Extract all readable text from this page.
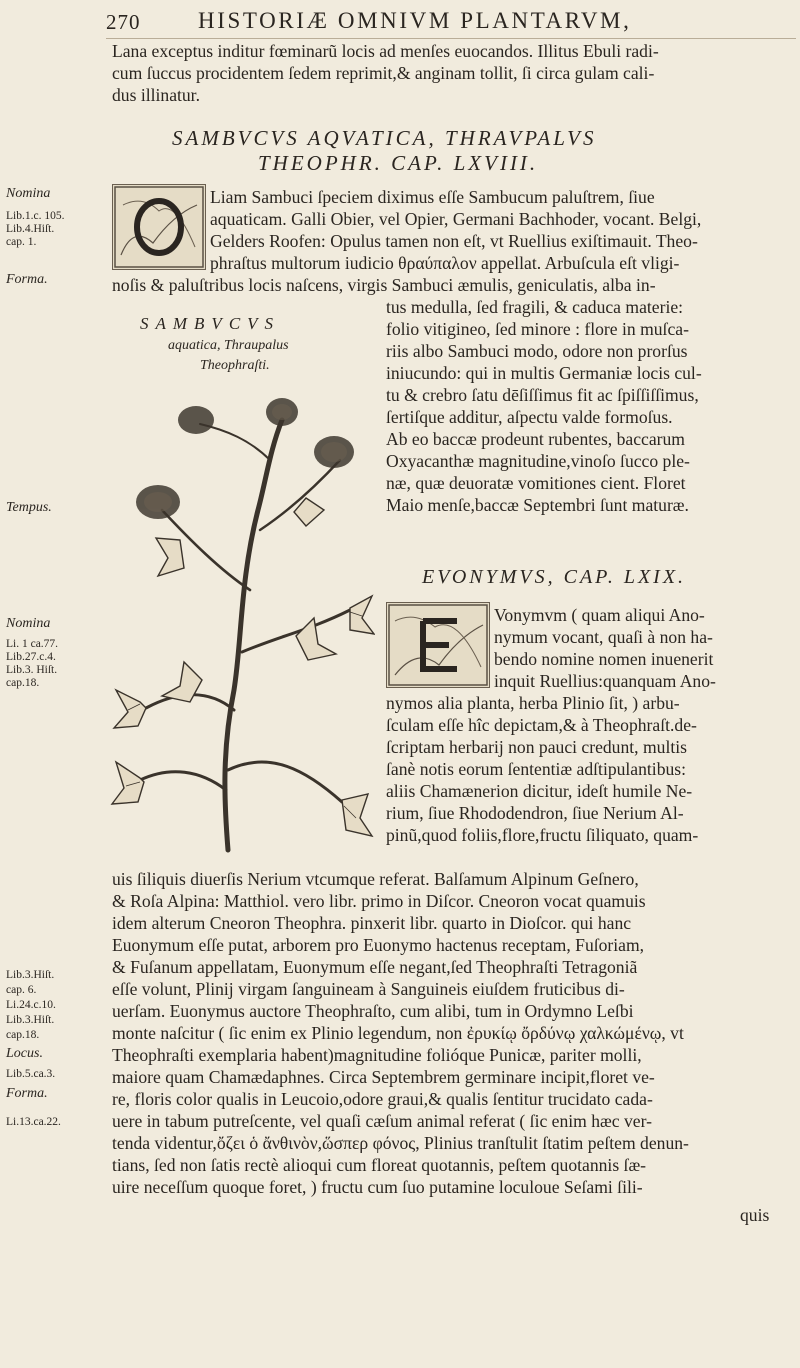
270	HISTORIÆ OMNIVM PLANTARVM,
Lana exceptus inditur fœminarũ locis ad menſes euocandos. Illitus Ebuli radi-
cum ſuccus procidentem ſedem reprimit,& anginam tollit, ſi circa gulam cali-
dus illinatur.
SAMBVCVS AQVATICA, THRAVPALVS
THEOPHR. CAP. LXVIII.
Liam Sambuci ſpeciem diximus eſſe Sambucum paluſtrem, ſiue
aquaticam. Galli Obier, vel Opier, Germani Bachhoder, vocant. Belgi,
Gelders Roofen: Opulus tamen non eſt, vt Ruellius exiſtimauit. Theo-
phraſtus multorum iudicio θραύπαλον appellat. Arbuſcula eſt vligi-
noſis & paluſtribus locis naſcens, virgis Sambuci æmulis, geniculatis, alba in-
SAMBVCVS
aquatica, Thraupalus
Theophraſti.
tus medulla, ſed fragili, & caduca materie:
folio vitigineo, ſed minore : flore in muſca-
riis albo Sambuci modo, odore non prorſus
iniucundo: qui in multis Germaniæ locis cul-
tu & crebro ſatu dēſiſſimus fit ac ſpiſſiſſimus,
ſertiſque additur, aſpectu valde formoſus.
Ab eo baccæ prodeunt rubentes, baccarum
Oxyacanthæ magnitudine,vinoſo ſucco ple-
næ, quæ deuoratæ vomitiones cient. Floret
Maio menſe,baccæ Septembri ſunt maturæ.
EVONYMVS, CAP. LXIX.
Vonymvm ( quam aliqui Ano-
nymum vocant, quaſi à non ha-
bendo nomine nomen inuenerit
inquit Ruellius:quanquam Ano-
nymos alia planta, herba Plinio ſit, ) arbu-
ſculam eſſe hîc depictam,& à Theophraſt.de-
ſcriptam herbarij non pauci credunt, multis
ſanè notis eorum ſententiæ adſtipulantibus:
aliis Chamænerion dicitur, ideſt humile Ne-
rium, ſiue Rhododendron, ſiue Nerium Al-
pinũ,quod foliis,flore,fructu ſiliquato, quam-
uis ſiliquis diuerſis Nerium vtcumque referat. Balſamum Alpinum Geſnero,
& Roſa Alpina: Matthiol. vero libr. primo in Diſcor. Cneoron vocat quamuis
idem alterum Cneoron Theophra. pinxerit libr. quarto in Dioſcor. qui hanc
Euonymum eſſe putat, arborem pro Euonymo hactenus receptam, Fuſoriam,
& Fuſanum appellatam, Euonymum eſſe negant,ſed Theophraſti Tetragoniã
eſſe volunt, Plinij virgam ſanguineam à Sanguineis eiuſdem fruticibus di-
uerſam. Euonymus auctore Theophraſto, cum alibi, tum in Ordymno Leſbi
monte naſcitur ( ſic enim ex Plinio legendum, non ἐρυκίῳ ὄρδύνῳ χαλκώμένῳ, vt
Theophraſti exemplaria habent)magnitudine folióque Punicæ, pariter molli,
maiore quam Chamædaphnes. Circa Septembrem germinare incipit,floret ve-
re, floris color qualis in Leucoio,odore graui,& qualis ſentitur trucidato cada-
uere in tabum putreſcente, vel quaſi cæſum animal referat ( ſic enim hæc ver-
tenda videntur,ὄζει ὁ ἄνθινὸν,ὥσπερ φόνος, Plinius tranſtulit ſtatim peſtem denun-
tians, ſed non ſatis rectè alioqui cum floreat quotannis, peſtem quotannis ſæ-
uire neceſſum quoque foret, ) fructu cum ſuo putamine loculoue Seſami ſili-
quis
Nomina
Lib.1.c. 105.
Lib.4.Hiſt.
cap. 1.
Forma.
Tempus.
Nomina
Li. 1 ca.77.
Lib.27.c.4.
Lib.3. Hiſt.
cap.18.
Lib.3.Hiſt.
cap. 6.
Li.24.c.10.
Lib.3.Hiſt.
cap.18.
Locus.
Lib.5.ca.3.
Forma.
Li.13.ca.22.
